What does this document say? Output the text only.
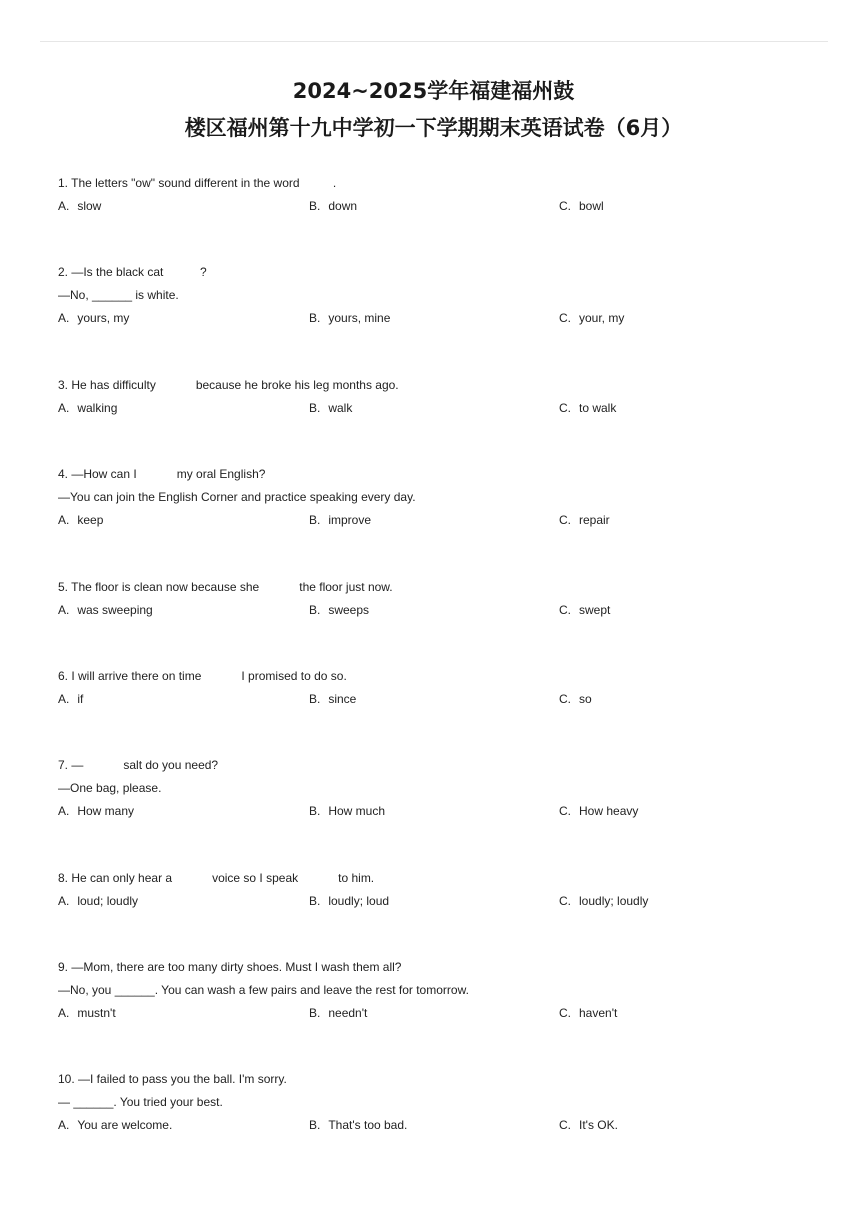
2024~2025学年福建福州鼓
楼区福州第十九中学初一下学期期末英语试卷（6月）
1. The letters "ow" sound different in the word          .
A. slow	B. down	C. bowl
2. —Is the black cat           ?
—No, ______ is white.
A. yours, my	B. yours, mine	C. your, my
3. He has difficulty            because he broke his leg months ago.
A. walking	B. walk	C. to walk
4. —How can I            my oral English?
—You can join the English Corner and practice speaking every day.
A. keep	B. improve	C. repair
5. The floor is clean now because she            the floor just now.
A. was sweeping	B. sweeps	C. swept
6. I will arrive there on time            I promised to do so.
A. if	B. since	C. so
7. —            salt do you need?
—One bag, please.
A. How many	B. How much	C. How heavy
8. He can only hear a            voice so I speak            to him.
A. loud; loudly	B. loudly; loud	C. loudly; loudly
9. —Mom, there are too many dirty shoes. Must I wash them all?
—No, you ______. You can wash a few pairs and leave the rest for tomorrow.
A. mustn't	B. needn't	C. haven't
10. —I failed to pass you the ball. I'm sorry.
— ______. You tried your best.
A. You are welcome.	B. That's too bad.	C. It's OK.
